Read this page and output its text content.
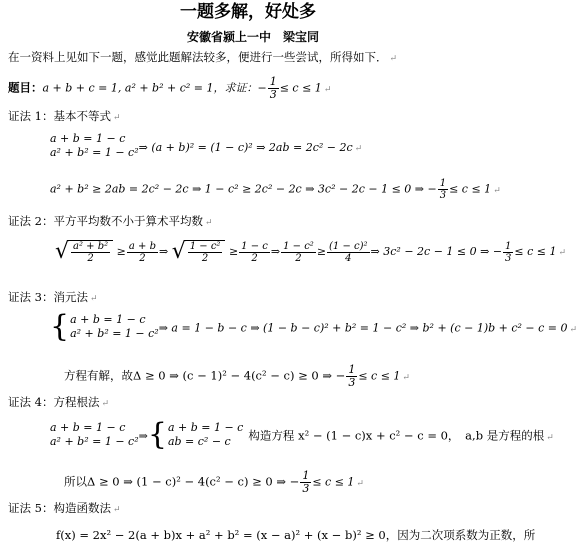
一题多解，好处多
安徽省颍上一中　梁宝同
在一资料上见如下一题，感觉此题解法较多，便进行一些尝试，所得如下． ↵
题目：a + b + c = 1, a² + b² + c² = 1，求证：− $\frac{1}{3} \le c \le 1$ ↵
证法 1：基本不等式 ↵
a + b = 1 − c
a² + b² = 1 − c² ⇒ (a + b)² = (1 − c)² ⇒ 2ab = 2c² − 2c ↵
a² + b² ≥ 2ab = 2c² − 2c ⇒ 1 − c² ≥ 2c² − 2c ⇒ 3c² − 2c − 1 ≤ 0 ⇒ − $\frac{1}{3} \le c \le 1$ ↵
证法 2：平方平均数不小于算术平均数 ↵
√ $\frac{\text{a² + b²}}{2} \ge \frac{a + b}{2}$ ⇒ √ $\frac{\text{1 − c²}}{2} \ge \frac{1 - c}{2}$ ⇒ $\frac{\text{1 − c²}}{2} \ge \frac{\text{(1 − c)²}}{4}$ ⇒ 3c² − 2c − 1 ≤ 0 ⇒ − $\frac{1}{3} \le c \le 1$ ↵
证法 3：消元法 ↵
{ a + b = 1 − c
a² + b² = 1 − c² ⇒ a = 1 − b − c ⇒ (1 − b − c)² + b² = 1 − c² ⇒ b² + (c − 1)b + c² − c = 0 ↵
方程有解，故Δ ≥ 0 ⇒ (c − 1)² − 4(c² − c) ≥ 0 ⇒ − $\frac{1}{3} \le c \le 1$ ↵
证法 4：方程根法 ↵
a + b = 1 − c
a² + b² = 1 − c² ⇒{ a + b = 1 − c
ab = c² − c	构造方程 x² − (1 − c)x + c² − c = 0，　a,b 是方程的根 ↵
所以Δ ≥ 0 ⇒ (1 − c)² − 4(c² − c) ≥ 0 ⇒ − $\frac{1}{3} \le c \le 1$ ↵
证法 5：构造函数法 ↵
f(x) = 2x² − 2(a + b)x + a² + b² = (x − a)² + (x − b)² ≥ 0，因为二次项系数为正数，所
